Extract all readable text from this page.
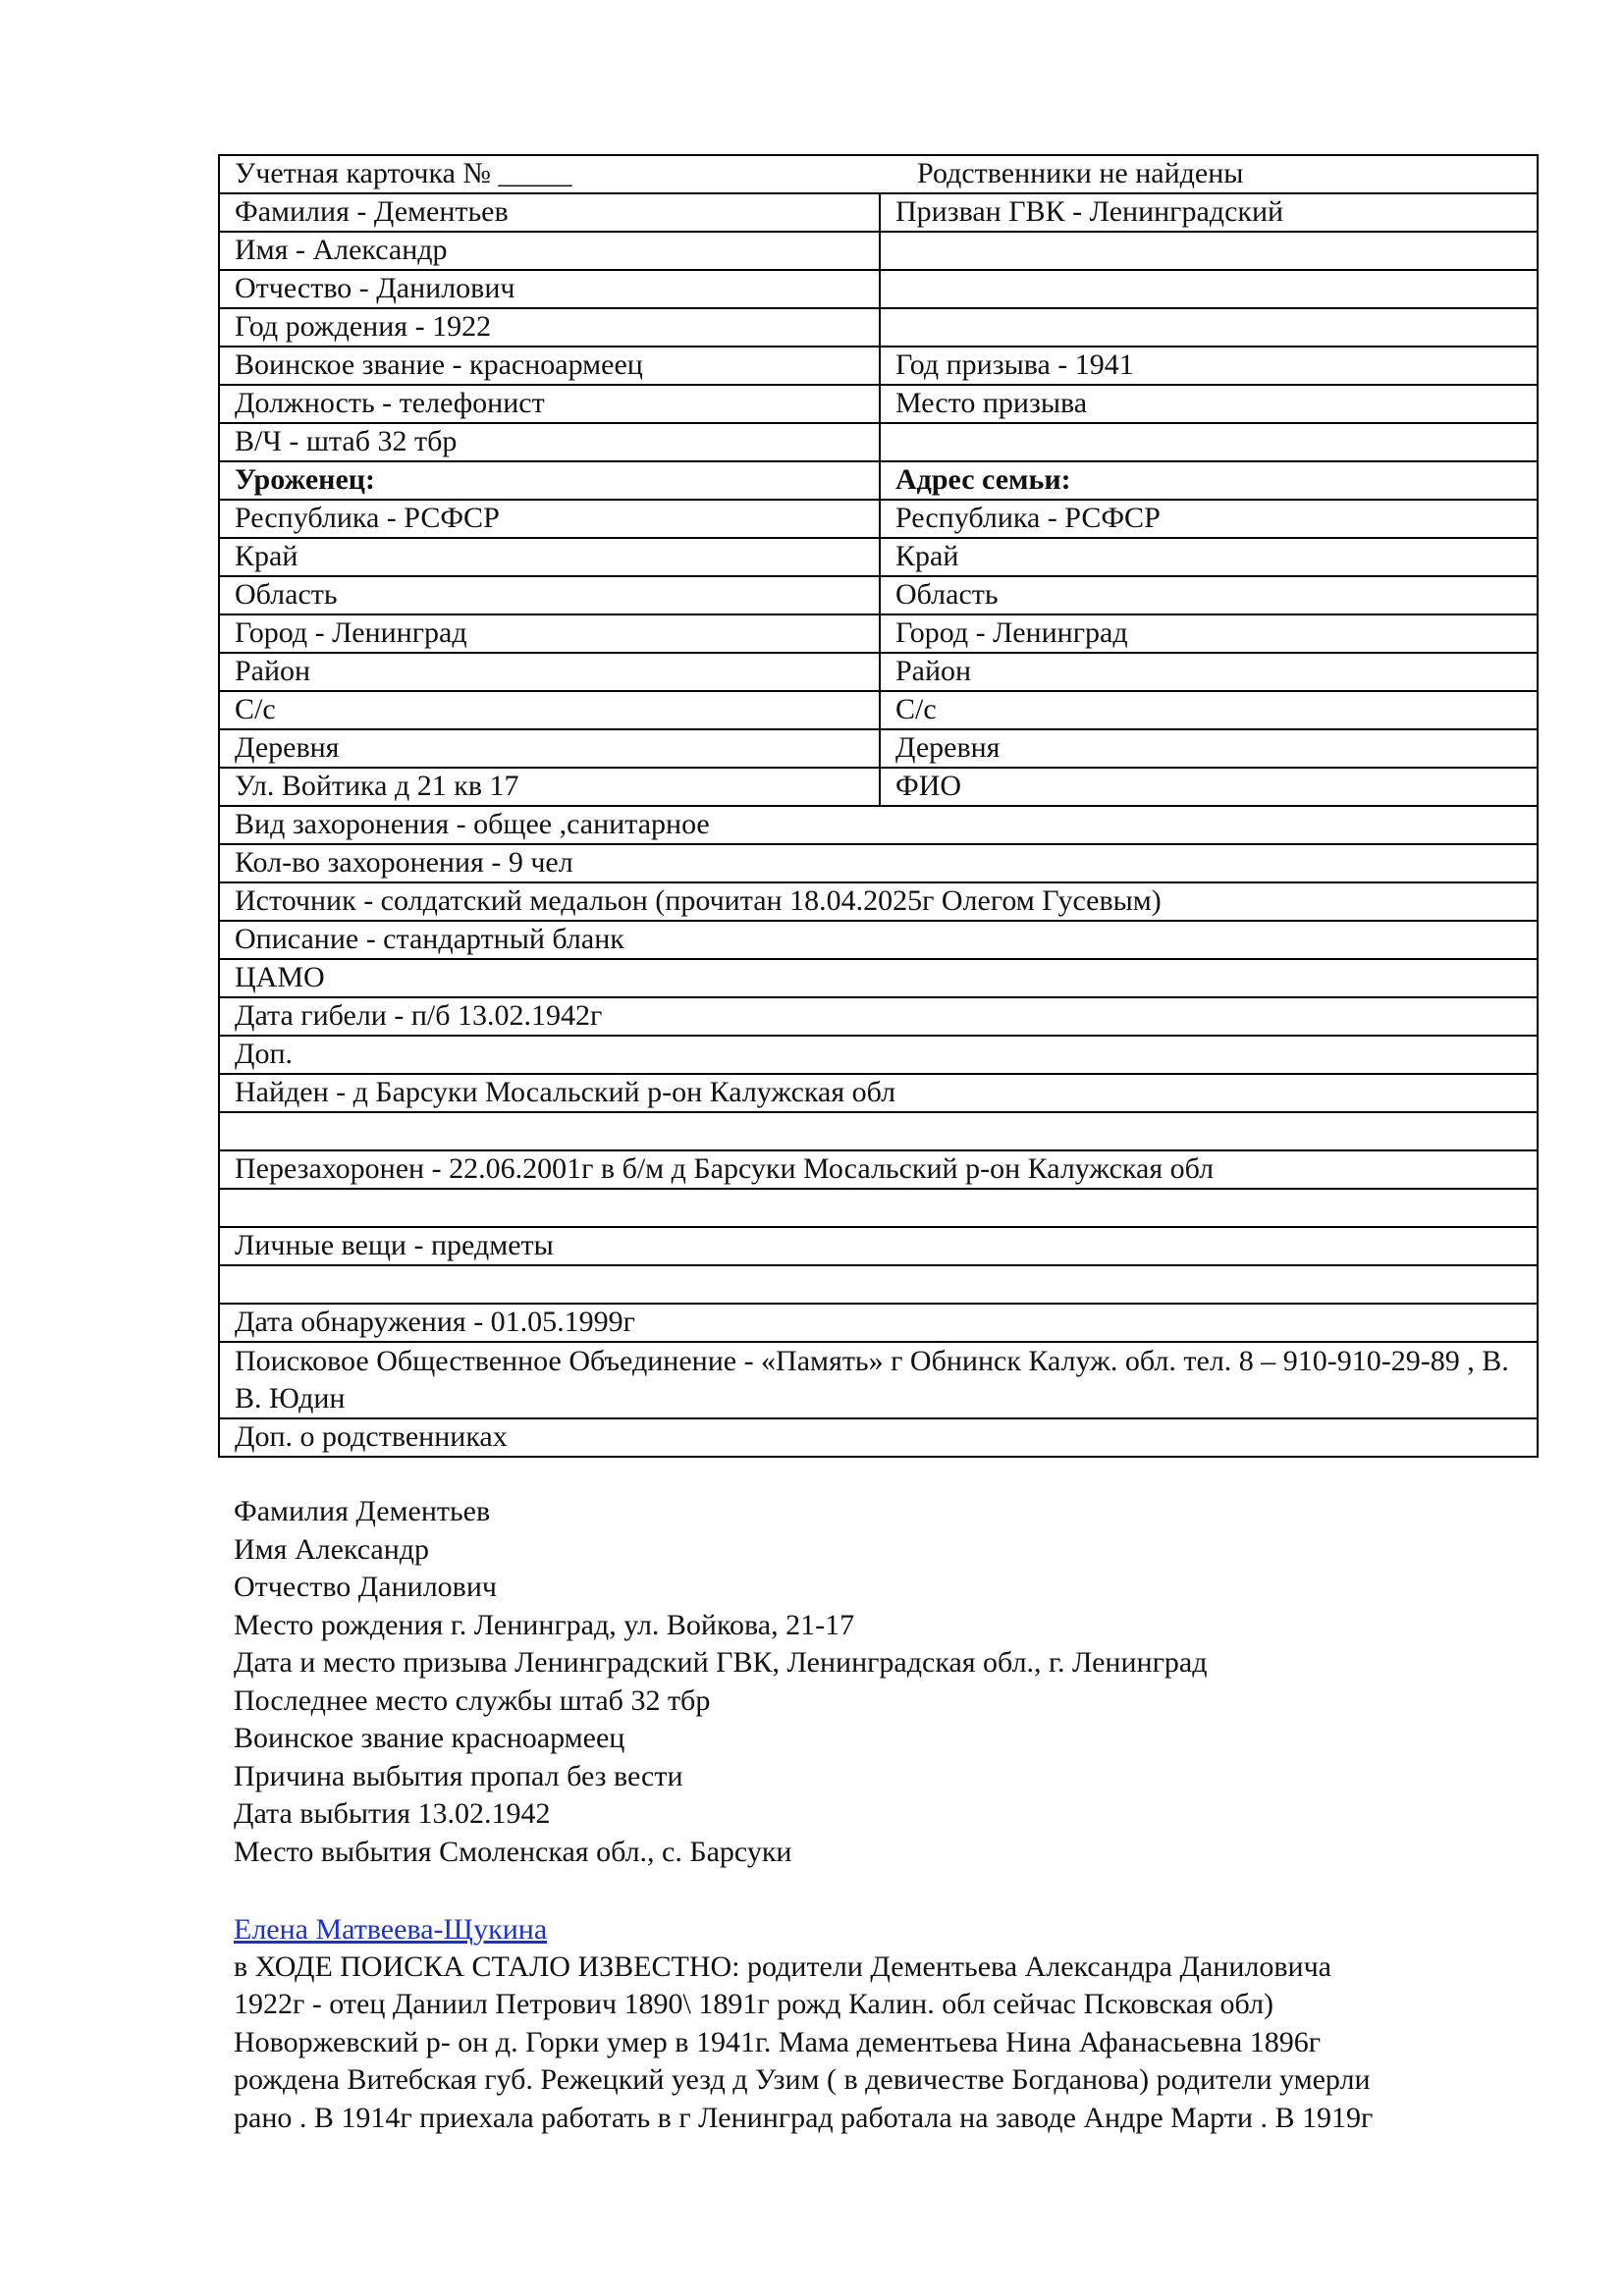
Учетная карточка № _____ Родственники не найдены	
Фамилия - Дементьев	Призван ГВК - Ленинградский
Имя - Александр	
Отчество - Данилович	
Год рождения - 1922	
Воинское звание - красноармеец	Год призыва - 1941
Должность - телефонист	Место призыва
В/Ч - штаб 32 тбр	
Уроженец:	Адрес семьи:
Республика - РСФСР	Республика - РСФСР
Край	Край
Область	Область
Город - Ленинград	Город - Ленинград
Район	Район
С/с	С/с
Деревня	Деревня
Ул. Войтика д 21 кв 17	ФИО
Вид захоронения - общее ,санитарное	
Кол-во захоронения - 9 чел	
Источник - солдатский медальон (прочитан 18.04.2025г Олегом Гусевым)	
Описание - стандартный бланк	
ЦАМО	
Дата гибели - п/б 13.02.1942г	
Доп.	
Найден - д Барсуки Мосальский р-он Калужская обл	

Перезахоронен - 22.06.2001г в б/м д Барсуки Мосальский р-он Калужская обл	

Личные вещи - предметы	

Дата обнаружения - 01.05.1999г	
Поисковое Общественное Объединение - «Память» г Обнинск Калуж. обл. тел. 8 – 910-910-29-89 , В. В. Юдин	
Доп. о родственниках	
Фамилия Дементьев
Имя Александр
Отчество Данилович
Место рождения г. Ленинград, ул. Войкова, 21-17
Дата и место призыва Ленинградский ГВК, Ленинградская обл., г. Ленинград
Последнее место службы штаб 32 тбр
Воинское звание красноармеец
Причина выбытия пропал без вести
Дата выбытия 13.02.1942
Место выбытия Смоленская обл., с. Барсуки
Елена Матвеева-Щукина
в ХОДЕ ПОИСКА СТАЛО ИЗВЕСТНО: родители Дементьева Александра Даниловича
1922г - отец Даниил Петрович 1890\ 1891г рожд Калин. обл сейчас Псковская обл)
Новоржевский р- он д. Горки умер в 1941г. Мама дементьева Нина Афанасьевна 1896г
рождена Витебская губ. Режецкий уезд д Узим ( в девичестве Богданова) родители умерли
рано . В 1914г приехала работать в г Ленинград работала на заводе Андре Марти . В 1919г
